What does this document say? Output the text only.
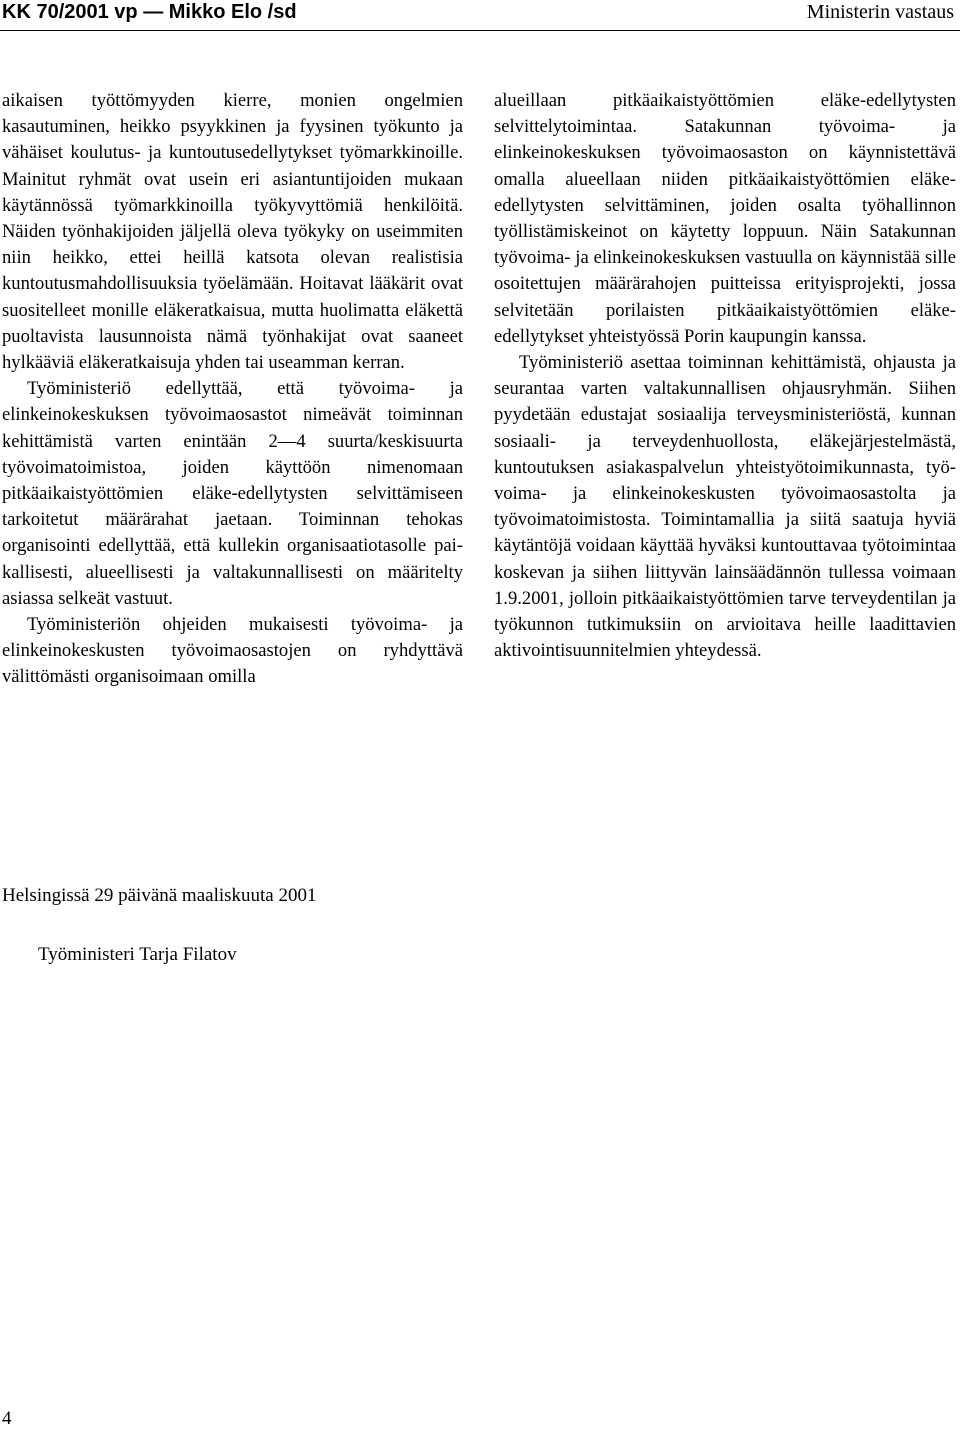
KK 70/2001 vp — Mikko Elo /sd	Ministerin vastaus

aikaisen työttömyyden kierre, monien ongelmien kasautuminen, heikko psyykkinen ja fyysinen työkunto ja vähäiset koulutus- ja kuntoutusedellytykset työmarkkinoille. Mainitut ryhmät ovat usein eri asiantuntijoiden mukaan käytännössä työmarkkinoilla työkyvyttömiä henkilöitä. Näiden työnhakijoiden jäljellä oleva työkyky on useimmiten niin heikko, ettei heillä katsota olevan realistisia kuntoutusmahdollisuuksia työelämään. Hoitavat lääkärit ovat suositelleet monille eläkeratkaisua, mutta huolimatta eläkettä puoltavista lausunnoista nämä työnhakijat ovat saaneet hylkääviä eläkeratkaisuja yhden tai useamman kerran.

Työministeriö edellyttää, että työvoima- ja elinkeinokeskuksen työvoimaosastot nimeävät toiminnan kehittämistä varten enintään 2—4 suurta/keskisuurta työvoimatoimistoa, joiden käyttöön nimenomaan pitkäaikaistyöttömien eläke-edellytysten selvittämiseen tarkoitetut määrärahat jaetaan. Toiminnan tehokas organisointi edellyttää, että kullekin organisaatiotasolle paikallisesti, alueellisesti ja valtakunnallisesti on määritelty asiassa selkeät vastuut.

Työministeriön ohjeiden mukaisesti työvoima- ja elinkeinokeskusten työvoimaosastojen on ryhdyttävä välittömästi organisoimaan omilla

alueillaan pitkäaikaistyöttömien eläke-edellytysten selvittelytoimintaa. Satakunnan työvoima- ja elinkeinokeskuksen työvoimaosaston on käynnistettävä omalla alueellaan niiden pitkäaikaistyöttömien eläke-edellytysten selvittäminen, joiden osalta työhallinnon työllistämiskeinot on käytetty loppuun. Näin Satakunnan työvoima- ja elinkeinokeskuksen vastuulla on käynnistää sille osoitettujen määrärahojen puitteissa erityisprojekti, jossa selvitetään porilaisten pitkäaikaistyöttömien eläke-edellytykset yhteistyössä Porin kaupungin kanssa.

Työministeriö asettaa toiminnan kehittämistä, ohjausta ja seurantaa varten valtakunnallisen ohjausryhmän. Siihen pyydetään edustajat sosiaalija terveysministeriöstä, kunnan sosiaali- ja terveydenhuollosta, eläkejärjestelmästä, kuntoutuksen asiakaspalvelun yhteistyötoimikunnasta, työvoima- ja elinkeinokeskusten työvoimaosastolta ja työvoimatoimistosta. Toimintamallia ja siitä saatuja hyviä käytäntöjä voidaan käyttää hyväksi kuntouttavaa työtoimintaa koskevan ja siihen liittyvän lainsäädännön tullessa voimaan 1.9.2001, jolloin pitkäaikaistyöttömien tarve terveydentilan ja työkunnon tutkimuksiin on arvioitava heille laadittavien aktivointisuunnitelmien yhteydessä.

Helsingissä 29 päivänä maaliskuuta 2001
Työministeri Tarja Filatov
4
